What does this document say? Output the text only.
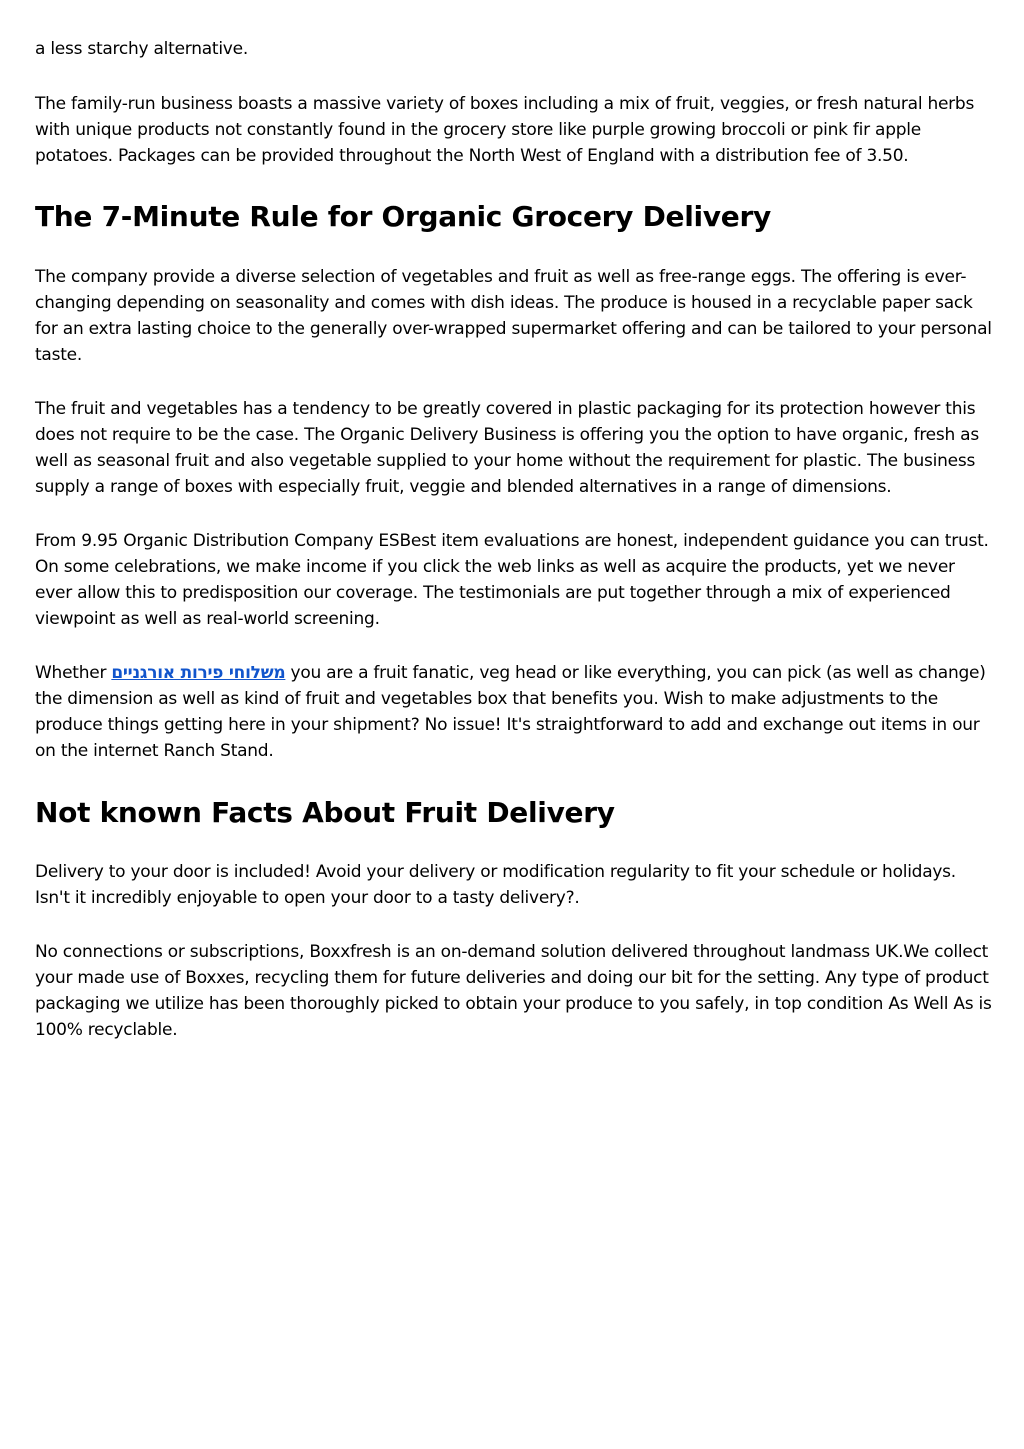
a less starchy alternative.

The family-run business boasts a massive variety of boxes including a mix of fruit, veggies, or fresh natural herbs with unique products not constantly found in the grocery store like purple growing broccoli or pink fir apple potatoes. Packages can be provided throughout the North West of England with a distribution fee of 3.50.

The 7-Minute Rule for Organic Grocery Delivery

The company provide a diverse selection of vegetables and fruit as well as free-range eggs. The offering is ever-changing depending on seasonality and comes with dish ideas. The produce is housed in a recyclable paper sack for an extra lasting choice to the generally over-wrapped supermarket offering and can be tailored to your personal taste.

The fruit and vegetables has a tendency to be greatly covered in plastic packaging for its protection however this does not require to be the case. The Organic Delivery Business is offering you the option to have organic, fresh as well as seasonal fruit and also vegetable supplied to your home without the requirement for plastic. The business supply a range of boxes with especially fruit, veggie and blended alternatives in a range of dimensions.

From 9.95 Organic Distribution Company ESBest item evaluations are honest, independent guidance you can trust. On some celebrations, we make income if you click the web links as well as acquire the products, yet we never ever allow this to predisposition our coverage. The testimonials are put together through a mix of experienced viewpoint as well as real-world screening.

Whether משלוחי פירות אורגניים you are a fruit fanatic, veg head or like everything, you can pick (as well as change) the dimension as well as kind of fruit and vegetables box that benefits you. Wish to make adjustments to the produce things getting here in your shipment? No issue! It's straightforward to add and exchange out items in our on the internet Ranch Stand.

Not known Facts About Fruit Delivery

Delivery to your door is included! Avoid your delivery or modification regularity to fit your schedule or holidays. Isn't it incredibly enjoyable to open your door to a tasty delivery?.

No connections or subscriptions, Boxxfresh is an on-demand solution delivered throughout landmass UK.We collect your made use of Boxxes, recycling them for future deliveries and doing our bit for the setting. Any type of product packaging we utilize has been thoroughly picked to obtain your produce to you safely, in top condition As Well As is 100% recyclable.
